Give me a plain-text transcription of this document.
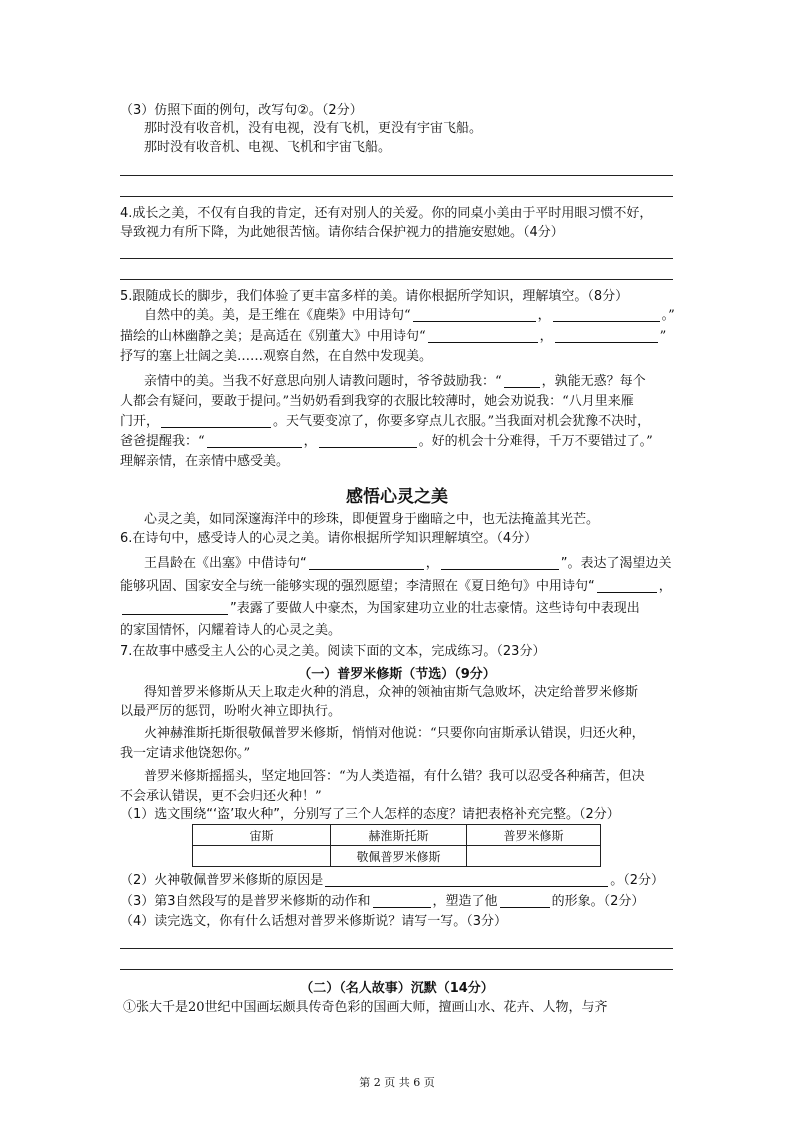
（3）仿照下面的例句，改写句②。（2分）
那时没有收音机，没有电视，没有飞机，更没有宇宙飞船。
那时没有收音机、电视、飞机和宇宙飞船。
4.成长之美，不仅有自我的肯定，还有对别人的关爱。你的同桌小美由于平时用眼习惯不好，
导致视力有所下降，为此她很苦恼。请你结合保护视力的措施安慰她。（4分）
5.跟随成长的脚步，我们体验了更丰富多样的美。请你根据所学知识，理解填空。（8分）
自然中的美。美，是王维在《鹿柴》中用诗句“	，	。”
描绘的山林幽静之美；是高适在《别董大》中用诗句“	，	”
抒写的塞上壮阔之美……观察自然，在自然中发现美。
亲情中的美。当我不好意思向别人请教问题时，爷爷鼓励我：“	，孰能无惑？每个
人都会有疑问，要敢于提问。”当奶奶看到我穿的衣服比较薄时，她会劝说我：“八月里来雁
门开，	。天气要变凉了，你要多穿点儿衣服。”当我面对机会犹豫不决时，
爸爸提醒我：“	，	。好的机会十分难得，千万不要错过了。”
理解亲情，在亲情中感受美。
感悟心灵之美
心灵之美，如同深邃海洋中的珍珠，即便置身于幽暗之中，也无法掩盖其光芒。
6.在诗句中，感受诗人的心灵之美。请你根据所学知识理解填空。（4分）
王昌龄在《出塞》中借诗句“	，	”。表达了渴望边关
能够巩固、国家安全与统一能够实现的强烈愿望；李清照在《夏日绝句》中用诗句“	，
”表露了要做人中豪杰，为国家建功立业的壮志豪情。这些诗句中表现出
的家国情怀，闪耀着诗人的心灵之美。
7.在故事中感受主人公的心灵之美。阅读下面的文本，完成练习。（23分）
（一）普罗米修斯（节选）（9分）
得知普罗米修斯从天上取走火种的消息，众神的领袖宙斯气急败坏，决定给普罗米修斯
以最严厉的惩罚，吩咐火神立即执行。
火神赫淮斯托斯很敬佩普罗米修斯，悄悄对他说：“只要你向宙斯承认错误，归还火种，
我一定请求他饶恕你。”
普罗米修斯摇摇头，坚定地回答：“为人类造福，有什么错？我可以忍受各种痛苦，但决
不会承认错误，更不会归还火种！”
（1）选文围绕“‘盗’取火种”，分别写了三个人怎样的态度？请把表格补充完整。（2分）
宙斯	赫淮斯托斯	普罗米修斯
	敬佩普罗米修斯	
（2）火神敬佩普罗米修斯的原因是	。（2分）
（3）第3自然段写的是普罗米修斯的动作和	，塑造了他	的形象。（2分）
（4）读完选文，你有什么话想对普罗米修斯说？请写一写。（3分）
（二）（名人故事）沉默（14分）
①张大千是20世纪中国画坛颇具传奇色彩的国画大师，擅画山水、花卉、人物，与齐
第 2 页 共 6 页
